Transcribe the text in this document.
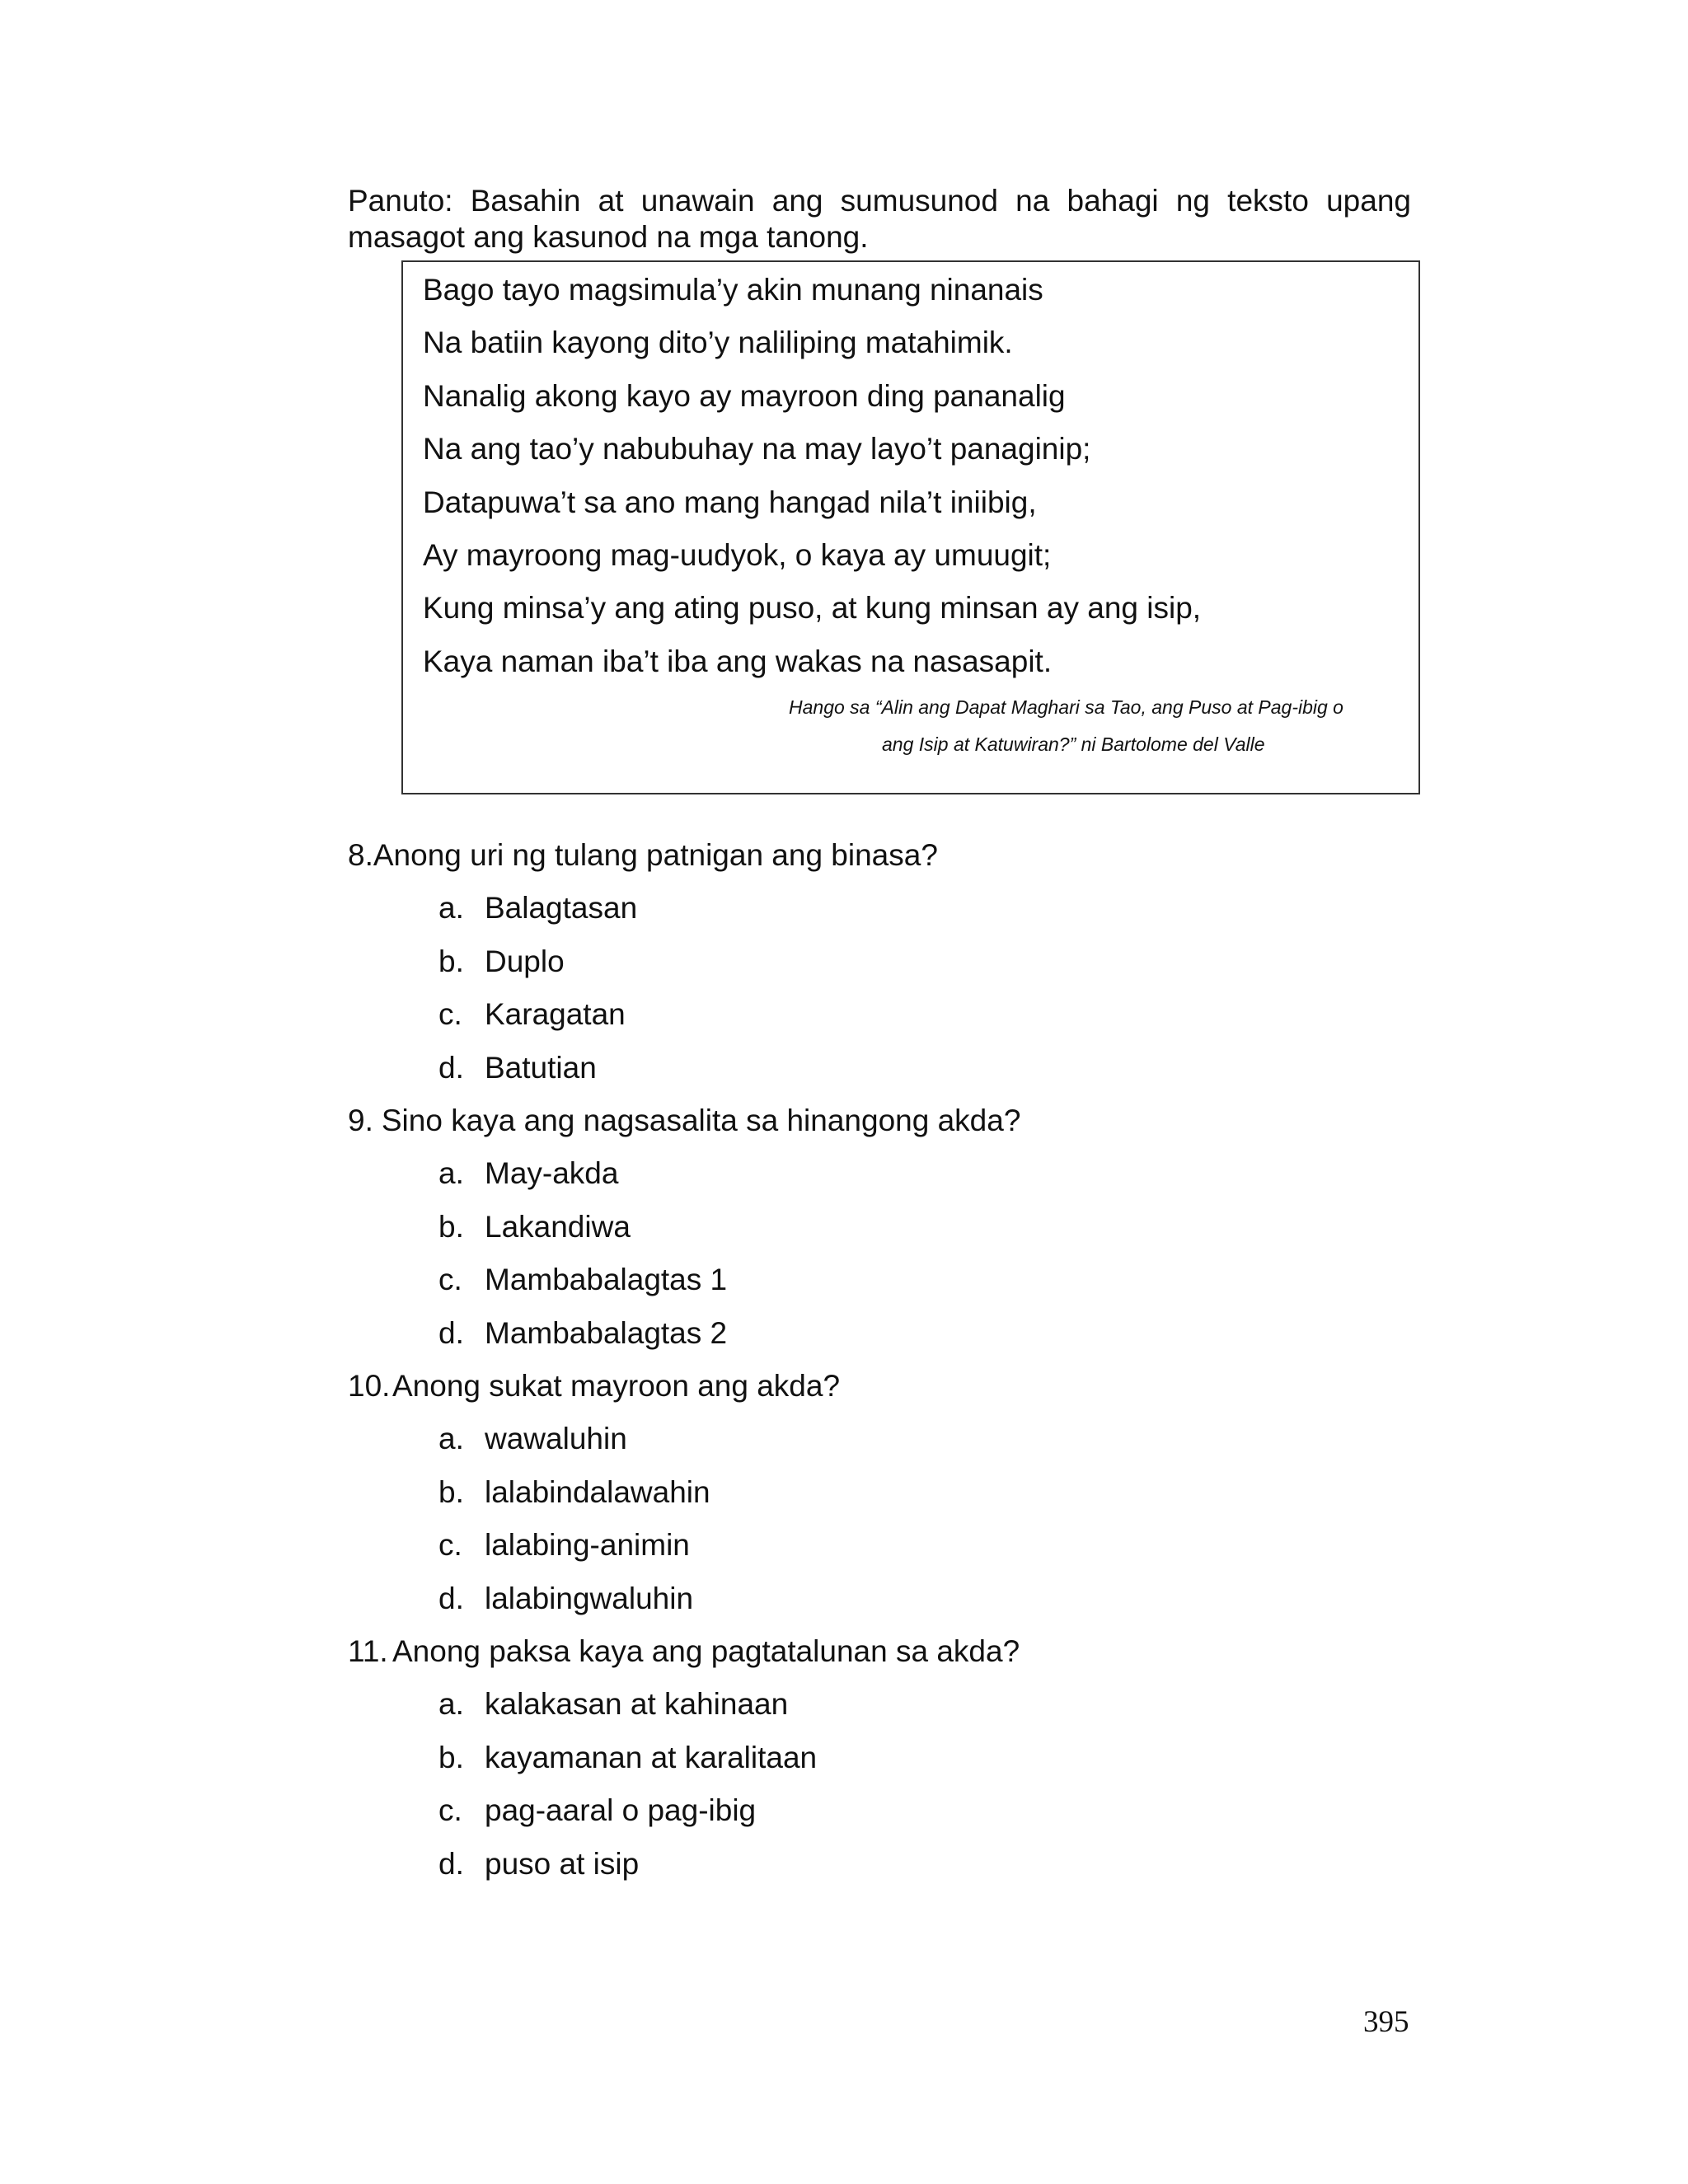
Panuto: Basahin at unawain ang sumusunod na bahagi ng teksto upang masagot ang kasunod na mga tanong.

Bago tayo magsimula’y akin munang ninanais
Na batiin kayong dito’y naliliping matahimik.
Nanalig akong kayo ay mayroon ding pananalig
Na ang tao’y nabubuhay na may layo’t panaginip;
Datapuwa’t sa ano mang hangad nila’t iniibig,
Ay mayroong mag-uudyok, o kaya ay umuugit;
Kung minsa’y ang ating puso, at kung minsan ay ang isip,
Kaya naman iba’t iba ang wakas na nasasapit.
Hango sa “Alin ang Dapat Maghari sa Tao, ang Puso at Pag-ibig o
ang Isip at Katuwiran?” ni Bartolome del Valle
8.Anong uri ng tulang patnigan ang binasa?
a. Balagtasan
b. Duplo
c. Karagatan
d. Batutian
9. Sino kaya ang nagsasalita sa hinangong akda?
a. May-akda
b. Lakandiwa
c. Mambabalagtas 1
d. Mambabalagtas 2
10.Anong sukat mayroon ang akda?
a. wawaluhin
b. lalabindalawahin
c. lalabing-animin
d. lalabingwaluhin
11. Anong paksa kaya ang pagtatalunan sa akda?
a. kalakasan at kahinaan
b. kayamanan at karalitaan
c. pag-aaral o pag-ibig
d. puso at isip
395
